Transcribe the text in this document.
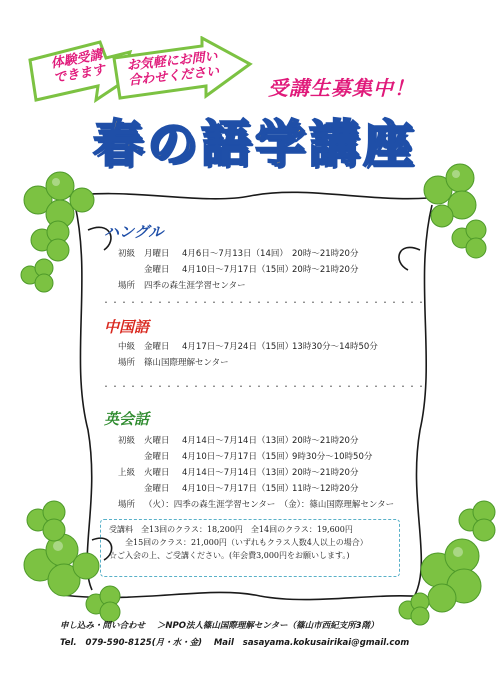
体験受講
できます
お気軽にお問い
合わせください	受講生募集中！
春の語学講座
ハングル
初級 月曜日 4月6日〜7月13日（14回） 20時〜21時20分
金曜日 4月10日〜7月17日（15回）20時〜21時20分
場所 四季の森生涯学習センター
・・・・・・・・・・・・・・・・・・・・・・・・・・・・・・・・・・・・
中国語
中級 金曜日 4月17日〜7月24日（15回）13時30分〜14時50分
場所 篠山国際理解センター
・・・・・・・・・・・・・・・・・・・・・・・・・・・・・・・・・・・・
英会話
初級 火曜日 4月14日〜7月14日（13回）20時〜21時20分
金曜日 4月10日〜7月17日（15回）9時30分〜10時50分
上級 火曜日 4月14日〜7月14日（13回）20時〜21時20分
金曜日 4月10日〜7月17日（15回）11時〜12時20分
場所 （火）：四季の森生涯学習センター　（金）：篠山国際理解センター
受講料　全13回のクラス：18,200円　全14回のクラス：19,600円
全15回のクラス：21,000円（いずれもクラス人数4人以上の場合）
☆ご入会の上、ご受講ください。(年会費3,000円をお願いします。)
申し込み・問い合わせ ＞NPO法人篠山国際理解センター（篠山市西紀支所3階）
Tel. 079-590-8125(月・水・金) Mail sasayama.kokusairikai@gmail.com
